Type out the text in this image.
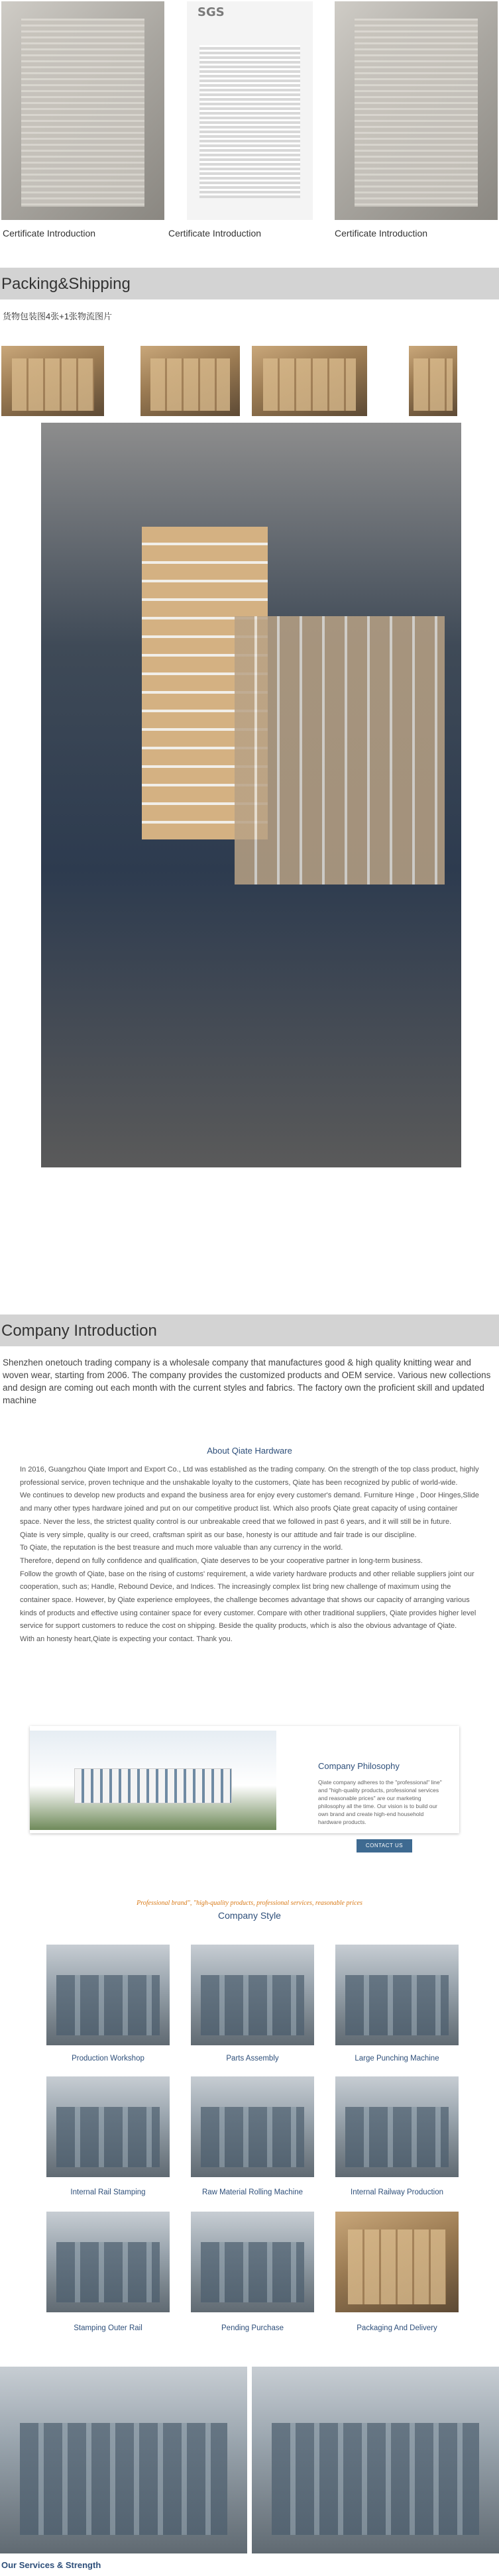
SGS
Certificate Introduction	Certificate Introduction	Certificate Introduction
Packing&Shipping
货物包装图4张+1张物流图片
Company Introduction

Shenzhen onetouch trading company is a wholesale company that manufactures good & high quality knitting wear and woven wear, starting from 2006. The company provides the customized products and OEM service. Various new collections and design are coming out each month with the current styles and fabrics. The factory own the proficient skill and updated machine

About Qiate Hardware

In 2016, Guangzhou Qiate Import and Export Co., Ltd was established as the trading company. On the strength of the top class product, highly professional service, proven technique and the unshakable loyalty to the customers, Qiate has been recognized by public of world-wide.

We continues to develop new products and expand the business area for enjoy every customer's demand. Furniture Hinge , Door Hinges,Slide and many other types hardware joined and put on our competitive product list. Which also proofs Qiate great capacity of using container space. Never the less, the strictest quality control is our unbreakable creed that we followed in past 6 years, and it will still be in future.

Qiate is very simple, quality is our creed, craftsman spirit as our base, honesty is our attitude and fair trade is our discipline.

To Qiate, the reputation is the best treasure and much more valuable than any currency in the world.

Therefore, depend on fully confidence and qualification, Qiate deserves to be your cooperative partner in long-term business.

Follow the growth of Qiate, base on the rising of customs' requirement, a wide variety hardware products and other reliable suppliers joint our cooperation, such as; Handle, Rebound Device, and Indices. The increasingly complex list bring new challenge of maximum using the container space. However, by Qiate experience employees, the challenge becomes advantage that shows our capacity of arranging various kinds of products and effective using container space for every customer. Compare with other traditional suppliers, Qiate provides higher level service for support customers to reduce the cost on shipping. Beside the quality products, which is also the obvious advantage of Qiate.

With an honesty heart,Qiate is expecting your contact. Thank you.

Company Philosophy

Qiate company adheres to the "professional" line" and "high-quality products, professional services and reasonable prices" are our marketing philosophy all the time. Our vision is to build our own brand and create high-end household hardware products.

CONTACT US
Professional brand", "high-quality products, professional services, reasonable prices
Company Style
Production Workshop	Parts Assembly	Large Punching Machine
Internal Rail Stamping	Raw Material Rolling Machine	Internal Railway Production
Stamping Outer Rail	Pending Purchase	Packaging And Delivery
Our Services & Strength
